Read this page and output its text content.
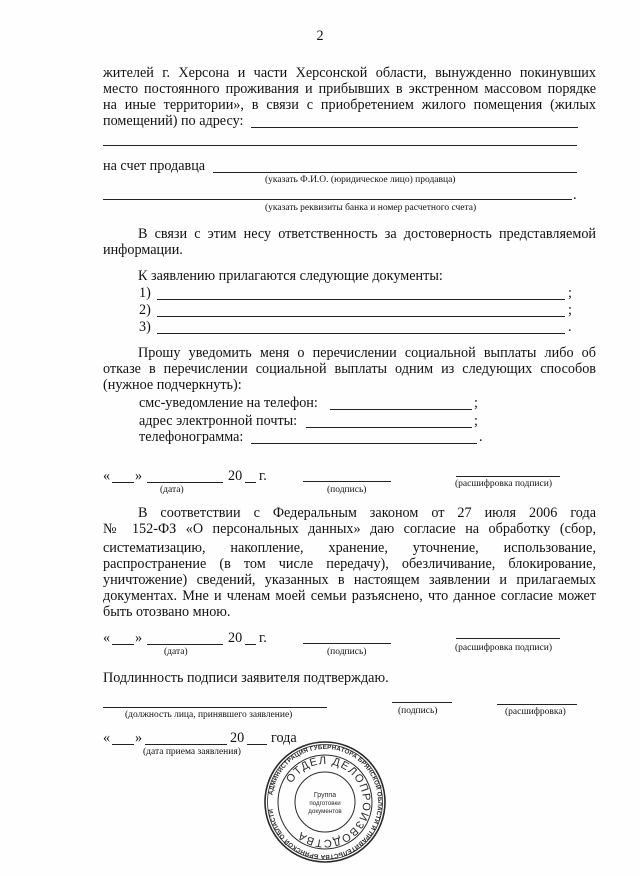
2
жителей г. Херсона и части Херсонской области, вынужденно покинувших
место постоянного проживания и прибывших в экстренном массовом порядке
на иные территории», в связи с приобретением жилого помещения (жилых
помещений) по адресу:
на счет продавца
(указать Ф.И.О. (юридическое лицо) продавца)
.
(указать реквизиты банка и номер расчетного счета)
В связи с этим несу ответственность за достоверность представляемой
информации.
К заявлению прилагаются следующие документы:
1)	;
2)	;
3)	.
Прошу уведомить меня о перечислении социальной выплаты либо об
отказе в перечислении социальной выплаты одним из следующих способов
(нужное подчеркнуть):
смс-уведомление на телефон:	;
адрес электронной почты:	;
телефонограмма:	.
« »	20 г.
(дата)	(подпись)
(расшифровка подписи)
В соответствии с Федеральным законом от 27 июля 2006 года
№ 152-ФЗ «О персональных данных» даю согласие на обработку (сбор,
систематизацию, накопление, хранение, уточнение, использование,
распространение (в том числе передачу), обезличивание, блокирование,
уничтожение) сведений, указанных в настоящем заявлении и прилагаемых
документах. Мне и членам моей семьи разъяснено, что данное согласие может
быть отозвано мною.
« »	20 г.
(дата)	(подпись)	(расшифровка подписи)
Подлинность подписи заявителя подтверждаю.
(должность лица, принявшего заявление)	(подпись)	(расшифровка)
« »	20 года
(дата приема заявления)
АДМИНИСТРАЦИЯ ГУБЕРНАТОРА БРЯНСКОЙ ОБЛАСТИ И ПРАВИТЕЛЬСТВА БРЯНСКОЙ ОБЛАСТИ
ОТДЕЛ ДЕЛОПРОИЗВОДСТВА
Группа
подготовки
документов
